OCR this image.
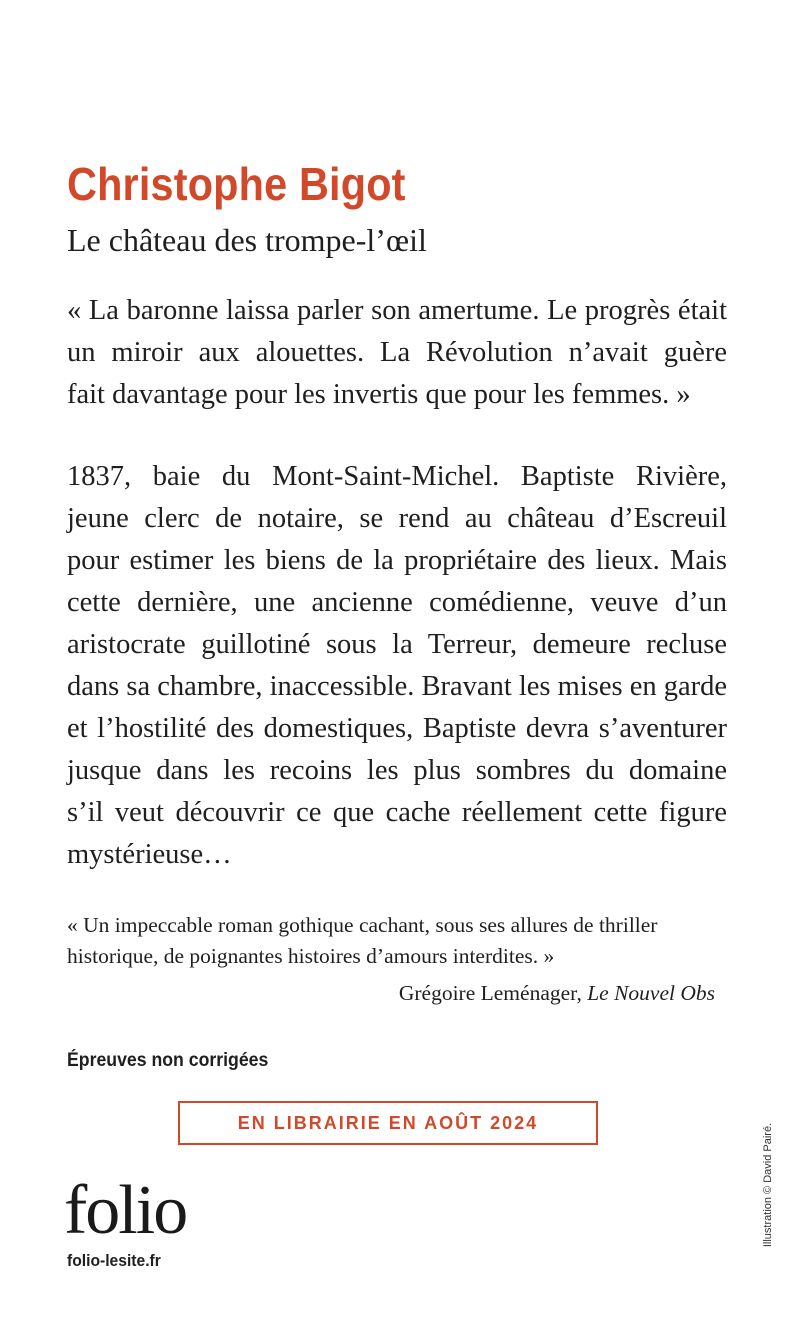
Christophe Bigot
Le château des trompe-l’œil
« La baronne laissa parler son amertume. Le progrès était
un miroir aux alouettes. La Révolution n’avait guère
fait davantage pour les invertis que pour les femmes. »
1837, baie du Mont-Saint-Michel. Baptiste Rivière,
jeune clerc de notaire, se rend au château d’Escreuil
pour estimer les biens de la propriétaire des lieux. Mais
cette dernière, une ancienne comédienne, veuve d’un
aristocrate guillotiné sous la Terreur, demeure recluse
dans sa chambre, inaccessible. Bravant les mises en garde
et l’hostilité des domestiques, Baptiste devra s’aventurer
jusque dans les recoins les plus sombres du domaine
s’il veut découvrir ce que cache réellement cette figure
mystérieuse…
« Un impeccable roman gothique cachant, sous ses allures de thriller
historique, de poignantes histoires d’amours interdites. »
Grégoire Leménager, Le Nouvel Obs
Épreuves non corrigées
EN LIBRAIRIE EN AOÛT 2024
folio
folio-lesite.fr
Illustration © David Pairé.
